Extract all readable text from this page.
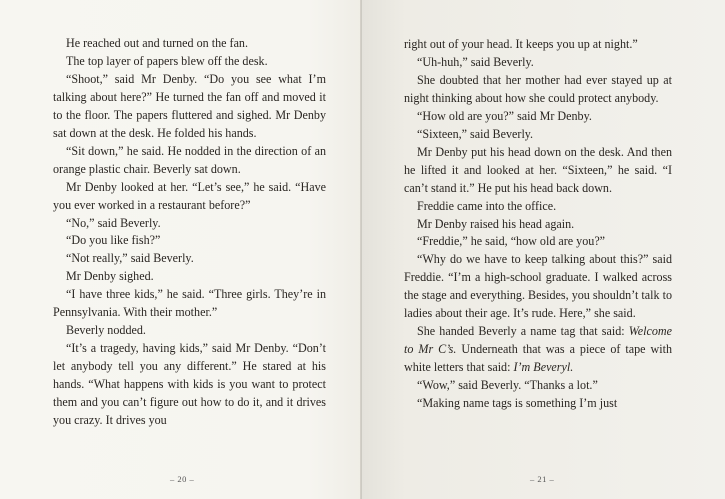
He reached out and turned on the fan.

The top layer of papers blew off the desk.

“Shoot,” said Mr Denby. “Do you see what I’m talking about here?” He turned the fan off and moved it to the floor. The papers fluttered and sighed. Mr Denby sat down at the desk. He folded his hands.

“Sit down,” he said. He nodded in the direction of an orange plastic chair. Beverly sat down.

Mr Denby looked at her. “Let’s see,” he said. “Have you ever worked in a restaurant before?”

“No,” said Beverly.

“Do you like fish?”

“Not really,” said Beverly.

Mr Denby sighed.

“I have three kids,” he said. “Three girls. They’re in Pennsylvania. With their mother.”

Beverly nodded.

“It’s a tragedy, having kids,” said Mr Denby. “Don’t let anybody tell you any different.” He stared at his hands. “What happens with kids is you want to protect them and you can’t figure out how to do it, and it drives you crazy. It drives you

– 20 –

right out of your head. It keeps you up at night.”

“Uh-huh,” said Beverly.

She doubted that her mother had ever stayed up at night thinking about how she could protect anybody.

“How old are you?” said Mr Denby.

“Sixteen,” said Beverly.

Mr Denby put his head down on the desk. And then he lifted it and looked at her. “Sixteen,” he said. “I can’t stand it.” He put his head back down.

Freddie came into the office.

Mr Denby raised his head again.

“Freddie,” he said, “how old are you?”

“Why do we have to keep talking about this?” said Freddie. “I’m a high-school graduate. I walked across the stage and everything. Besides, you shouldn’t talk to ladies about their age. It’s rude. Here,” she said.

She handed Beverly a name tag that said: Welcome to Mr C’s. Underneath that was a piece of tape with white letters that said: I’m Beveryl.

“Wow,” said Beverly. “Thanks a lot.”

“Making name tags is something I’m just

– 21 –
